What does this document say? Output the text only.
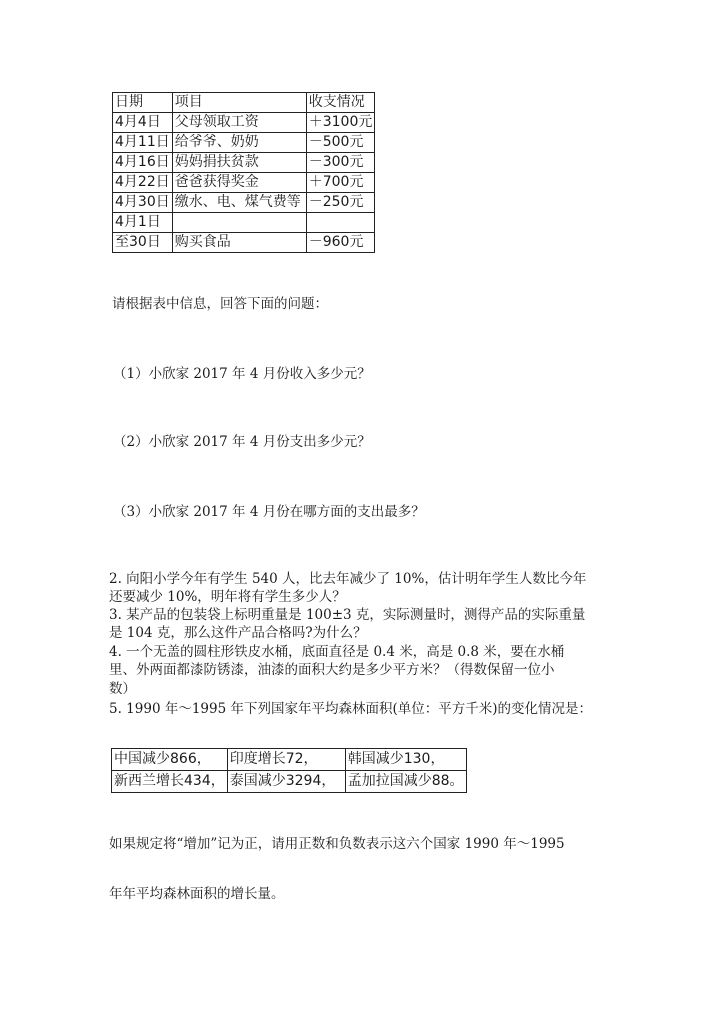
日期	项目	收支情况
4月4日	父母领取工资	＋3100元
4月11日	给爷爷、奶奶	－500元
4月16日	妈妈捐扶贫款	－300元
4月22日	爸爸获得奖金	＋700元
4月30日	缴水、电、煤气费等	－250元
4月1日		
至30日	购买食品	－960元
请根据表中信息，回答下面的问题：
（1）小欣家 2017 年 4 月份收入多少元？
（2）小欣家 2017 年 4 月份支出多少元？
（3）小欣家 2017 年 4 月份在哪方面的支出最多？
2. 向阳小学今年有学生 540 人，比去年减少了 10%，估计明年学生人数比今年
还要减少 10%，明年将有学生多少人？
3. 某产品的包装袋上标明重量是 100±3 克，实际测量时，测得产品的实际重量
是 104 克，那么这件产品合格吗?为什么？
4. 一个无盖的圆柱形铁皮水桶，底面直径是 0.4 米，高是 0.8 米，要在水桶
里、外两面都漆防锈漆，油漆的面积大约是多少平方米？（得数保留一位小
数）
5. 1990 年～1995 年下列国家年平均森林面积(单位：平方千米)的变化情况是：
中国减少866，	印度增长72，	韩国减少130，
新西兰增长434，	泰国减少3294，	孟加拉国减少88。
如果规定将“增加”记为正，请用正数和负数表示这六个国家 1990 年～1995
年年平均森林面积的增长量。
